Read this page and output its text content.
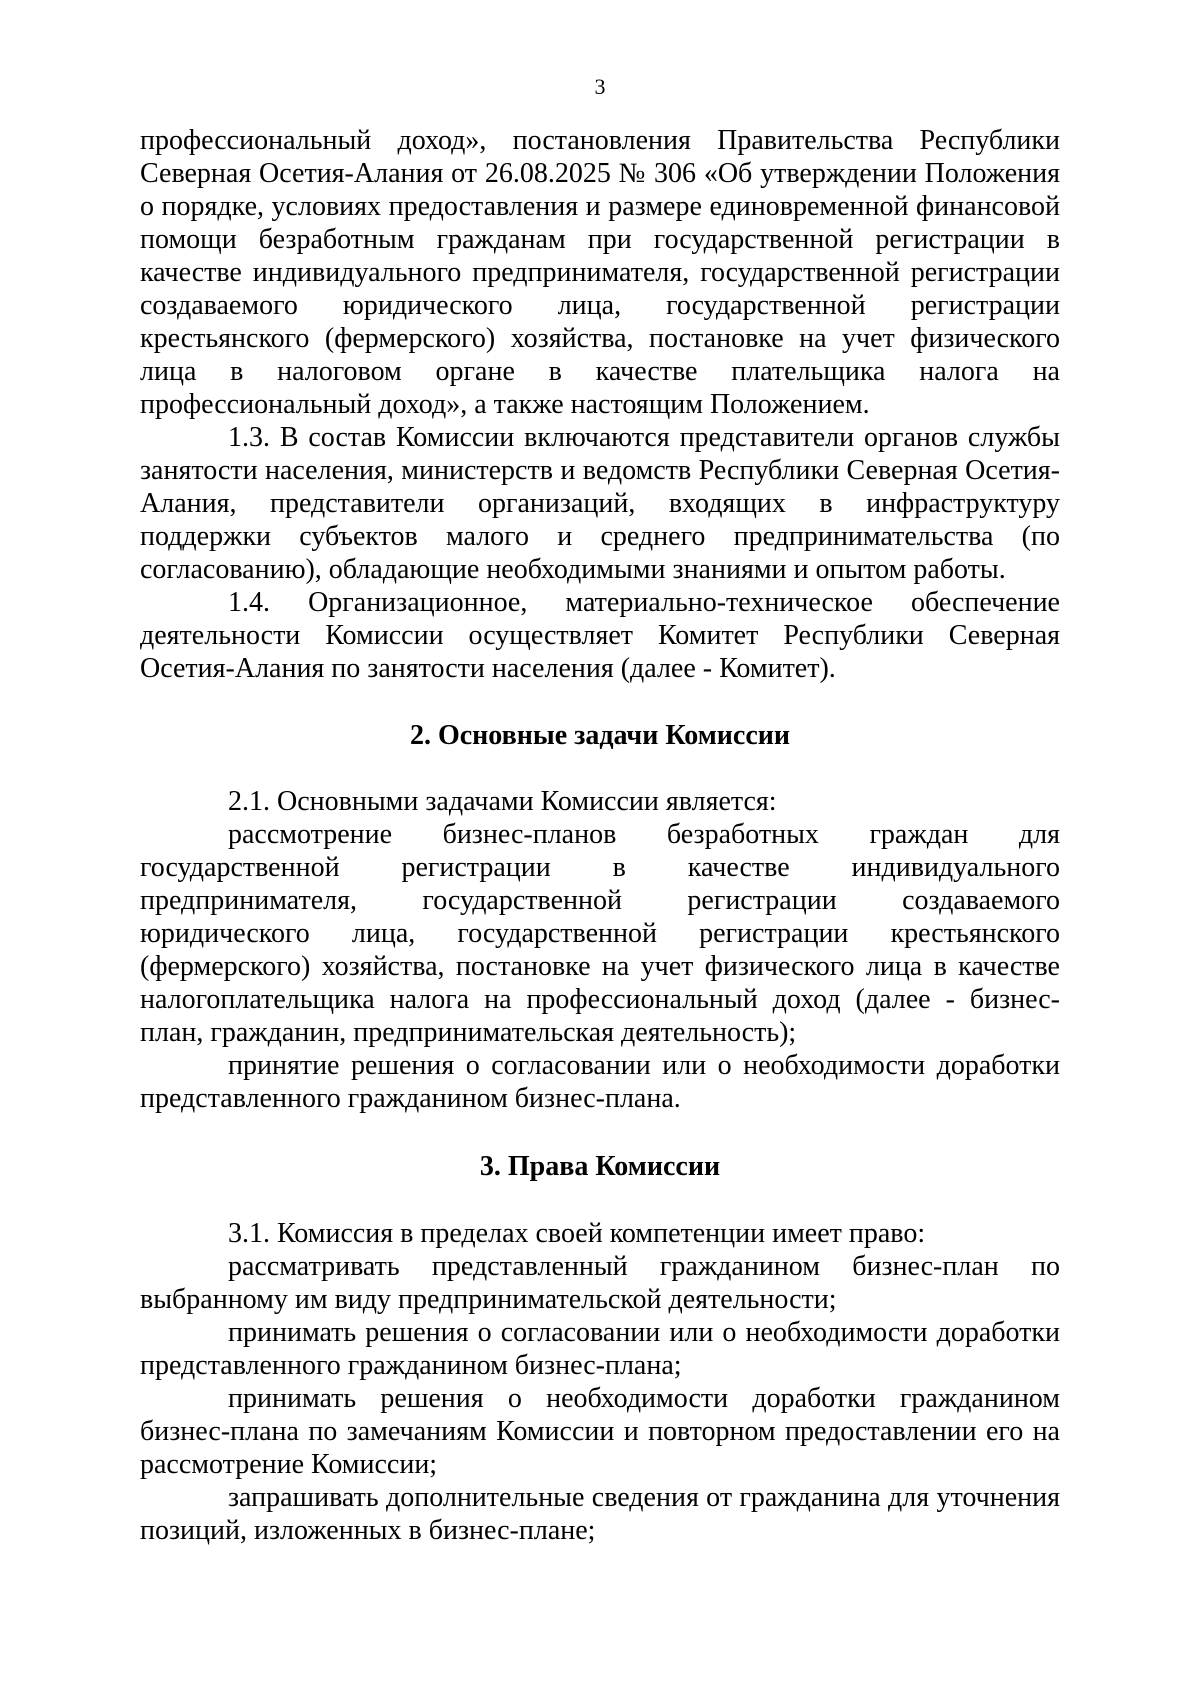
3

профессиональный доход», постановления Правительства Республики Северная Осетия-Алания от 26.08.2025 № 306 «Об утверждении Положения о порядке, условиях предоставления и размере единовременной финансовой помощи безработным гражданам при государственной регистрации в качестве индивидуального предпринимателя, государственной регистрации создаваемого юридического лица, государственной регистрации крестьянского (фермерского) хозяйства, постановке на учет физического лица в налоговом органе в качестве плательщика налога на профессиональный доход», а также настоящим Положением.

1.3. В состав Комиссии включаются представители органов службы занятости населения, министерств и ведомств Республики Северная Осетия-Алания, представители организаций, входящих в инфраструктуру поддержки субъектов малого и среднего предпринимательства (по согласованию), обладающие необходимыми знаниями и опытом работы.

1.4. Организационное, материально-техническое обеспечение деятельности Комиссии осуществляет Комитет Республики Северная Осетия-Алания по занятости населения (далее - Комитет).

2. Основные задачи Комиссии

2.1. Основными задачами Комиссии является:

рассмотрение бизнес-планов безработных граждан для государственной регистрации в качестве индивидуального предпринимателя, государственной регистрации создаваемого юридического лица, государственной регистрации крестьянского (фермерского) хозяйства, постановке на учет физического лица в качестве налогоплательщика налога на профессиональный доход (далее - бизнес-план, гражданин, предпринимательская деятельность);

принятие решения о согласовании или о необходимости доработки представленного гражданином бизнес-плана.

3. Права Комиссии

3.1. Комиссия в пределах своей компетенции имеет право:

рассматривать представленный гражданином бизнес-план по выбранному им виду предпринимательской деятельности;

принимать решения о согласовании или о необходимости доработки представленного гражданином бизнес-плана;

принимать решения о необходимости доработки гражданином бизнес-плана по замечаниям Комиссии и повторном предоставлении его на рассмотрение Комиссии;

запрашивать дополнительные сведения от гражданина для уточнения позиций, изложенных в бизнес-плане;
